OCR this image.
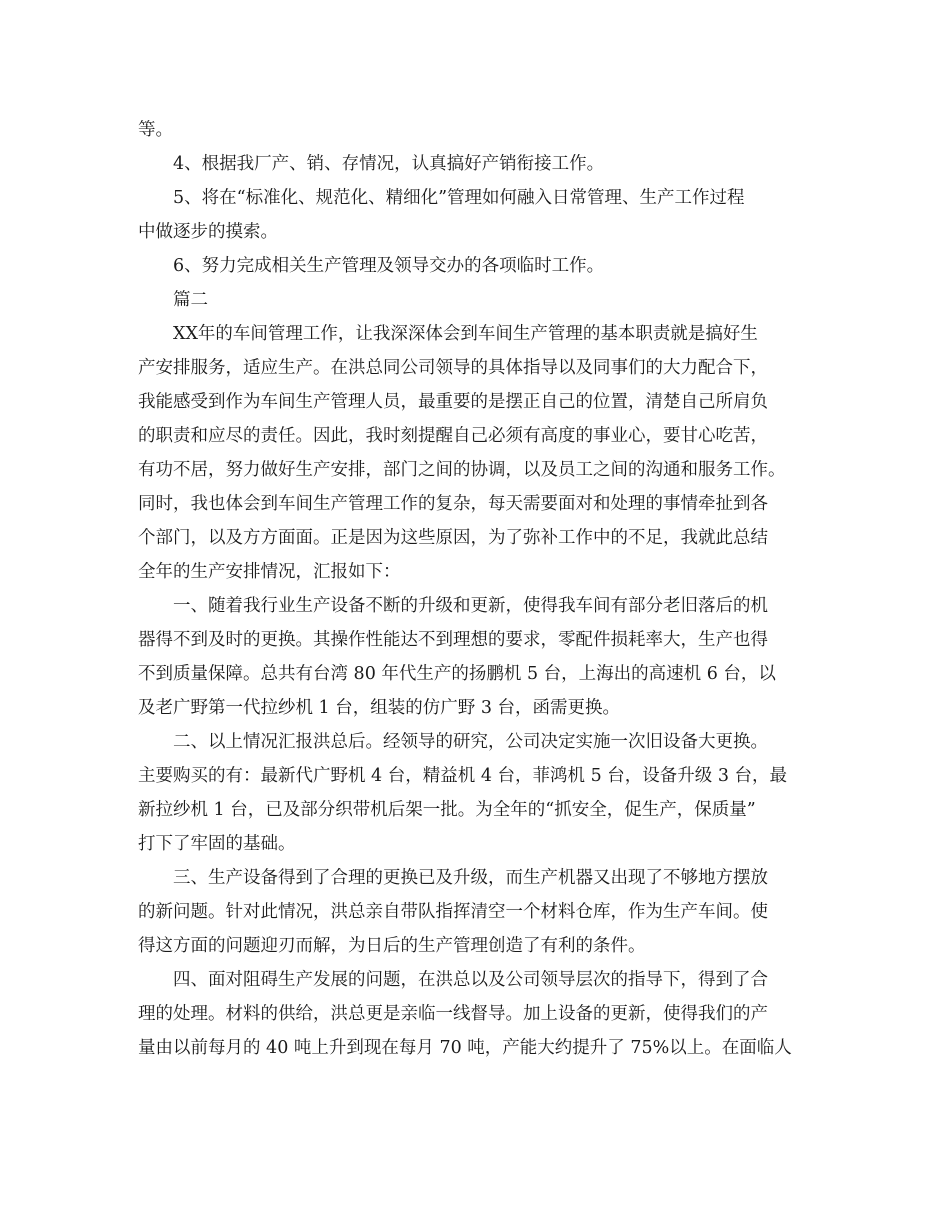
等。
4、根据我厂产、销、存情况，认真搞好产销衔接工作。
5、将在“标准化、规范化、精细化”管理如何融入日常管理、生产工作过程
中做逐步的摸索。
6、努力完成相关生产管理及领导交办的各项临时工作。
篇二
XX年的车间管理工作，让我深深体会到车间生产管理的基本职责就是搞好生
产安排服务，适应生产。在洪总同公司领导的具体指导以及同事们的大力配合下，
我能感受到作为车间生产管理人员，最重要的是摆正自己的位置，清楚自己所肩负
的职责和应尽的责任。因此，我时刻提醒自己必须有高度的事业心，要甘心吃苦，
有功不居，努力做好生产安排，部门之间的协调，以及员工之间的沟通和服务工作。
同时，我也体会到车间生产管理工作的复杂，每天需要面对和处理的事情牵扯到各
个部门，以及方方面面。正是因为这些原因，为了弥补工作中的不足，我就此总结
全年的生产安排情况，汇报如下：
一、随着我行业生产设备不断的升级和更新，使得我车间有部分老旧落后的机
器得不到及时的更换。其操作性能达不到理想的要求，零配件损耗率大，生产也得
不到质量保障。总共有台湾 80 年代生产的扬鹏机 5 台，上海出的高速机 6 台，以
及老广野第一代拉纱机 1 台，组装的仿广野 3 台，函需更换。
二、以上情况汇报洪总后。经领导的研究，公司决定实施一次旧设备大更换。
主要购买的有：最新代广野机 4 台，精益机 4 台，菲鸿机 5 台，设备升级 3 台，最
新拉纱机 1 台，已及部分织带机后架一批。为全年的“抓安全，促生产，保质量”
打下了牢固的基础。
三、生产设备得到了合理的更换已及升级，而生产机器又出现了不够地方摆放
的新问题。针对此情况，洪总亲自带队指挥清空一个材料仓库，作为生产车间。使
得这方面的问题迎刃而解，为日后的生产管理创造了有利的条件。
四、面对阻碍生产发展的问题，在洪总以及公司领导层次的指导下，得到了合
理的处理。材料的供给，洪总更是亲临一线督导。加上设备的更新，使得我们的产
量由以前每月的 40 吨上升到现在每月 70 吨，产能大约提升了 75%以上。在面临人
